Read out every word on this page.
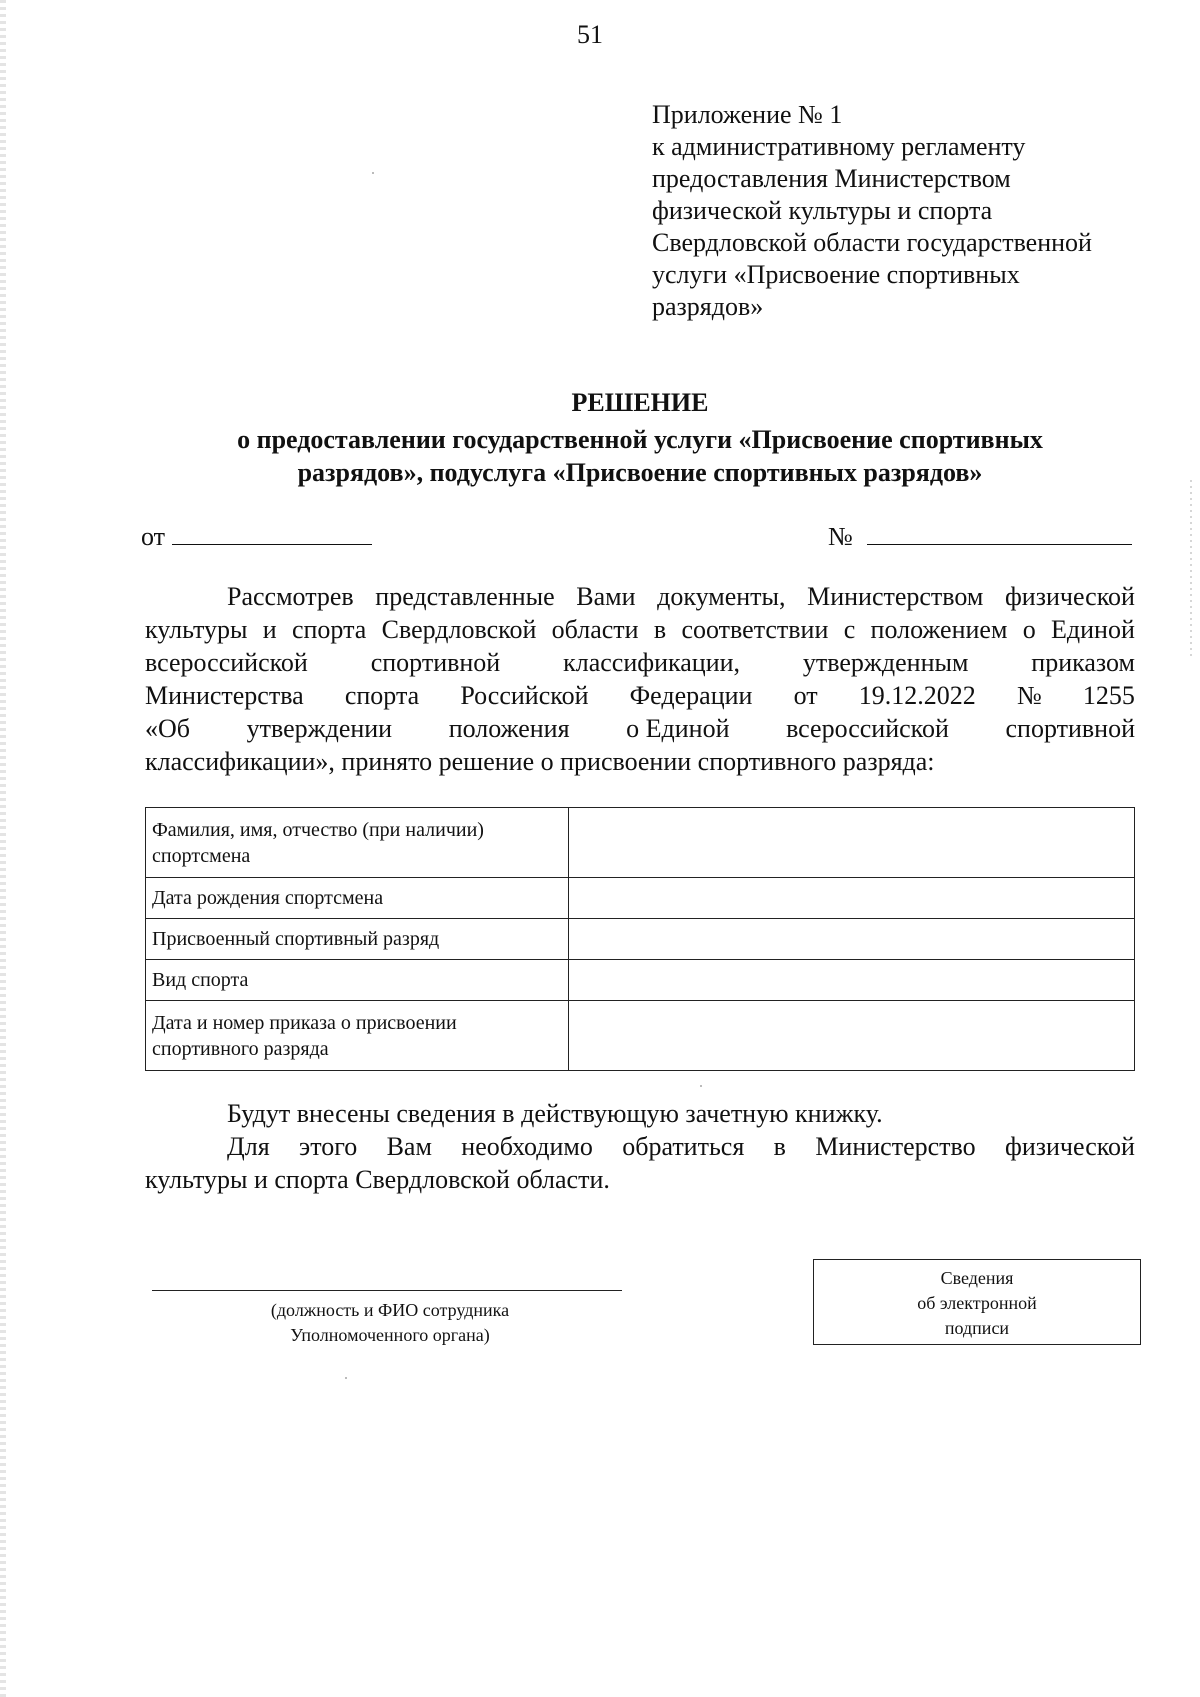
51
Приложение № 1
к административному регламенту
предоставления Министерством
физической культуры и спорта
Свердловской области государственной
услуги «Присвоение спортивных
разрядов»
РЕШЕНИЕ
о предоставлении государственной услуги «Присвоение спортивных
разрядов», подуслуга «Присвоение спортивных разрядов»
от	№
Рассмотрев представленные Вами документы, Министерством физической
культуры и спорта Свердловской области в соответствии с положением о Единой
всероссийской спортивной классификации, утвержденным приказом
Министерства спорта Российской Федерации от 19.12.2022 № 1255
«Об утверждении положения о Единой всероссийской спортивной
классификации», принято решение о присвоении спортивного разряда:
Фамилия, имя, отчество (при наличии) спортсмена	
Дата рождения спортсмена	
Присвоенный спортивный разряд	
Вид спорта	
Дата и номер приказа о присвоении спортивного разряда	
Будут внесены сведения в действующую зачетную книжку.
Для этого Вам необходимо обратиться в Министерство физической
культуры и спорта Свердловской области.
(должность и ФИО сотрудника
Уполномоченного органа)
Сведения
об электронной
подписи
